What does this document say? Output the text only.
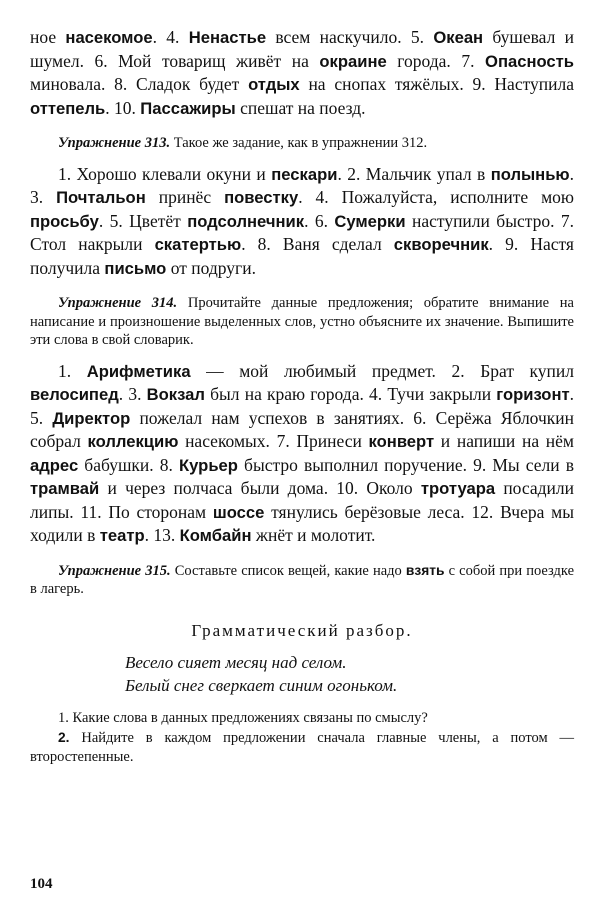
ное насекомое. 4. Ненастье всем наскучило. 5. Океан бушевал и шумел. 6. Мой товарищ живёт на окраине города. 7. Опасность миновала. 8. Сладок будет отдых на снопах тяжёлых. 9. Наступила оттепель. 10. Пассажиры спешат на поезд.

Упражнение 313. Такое же задание, как в упражнении 312.

1. Хорошо клевали окуни и пескари. 2. Мальчик упал в полынью. 3. Почтальон принёс повестку. 4. Пожалуйста, исполните мою просьбу. 5. Цветёт подсолнечник. 6. Сумерки наступили быстро. 7. Стол накрыли скатертью. 8. Ваня сделал скворечник. 9. Настя получила письмо от подруги.

Упражнение 314. Прочитайте данные предложения; обратите внимание на написание и произношение выделенных слов, устно объясните их значение. Выпишите эти слова в свой словарик.

1. Арифметика — мой любимый предмет. 2. Брат купил велосипед. 3. Вокзал был на краю города. 4. Тучи закрыли горизонт. 5. Директор пожелал нам успехов в занятиях. 6. Серёжа Яблочкин собрал коллекцию насекомых. 7. Принеси конверт и напиши на нём адрес бабушки. 8. Курьер быстро выполнил поручение. 9. Мы сели в трамвай и через полчаса были дома. 10. Около тротуара посадили липы. 11. По сторонам шоссе тянулись берёзовые леса. 12. Вчера мы ходили в театр. 13. Комбайн жнёт и молотит.

Упражнение 315. Составьте список вещей, какие надо взять с собой при поездке в лагерь.

Грамматический разбор.
Весело сияет месяц над селом.
Белый снег сверкает синим огоньком.
1. Какие слова в данных предложениях связаны по смыслу?
2. Найдите в каждом предложении сначала главные члены, а потом — второстепенные.
104
